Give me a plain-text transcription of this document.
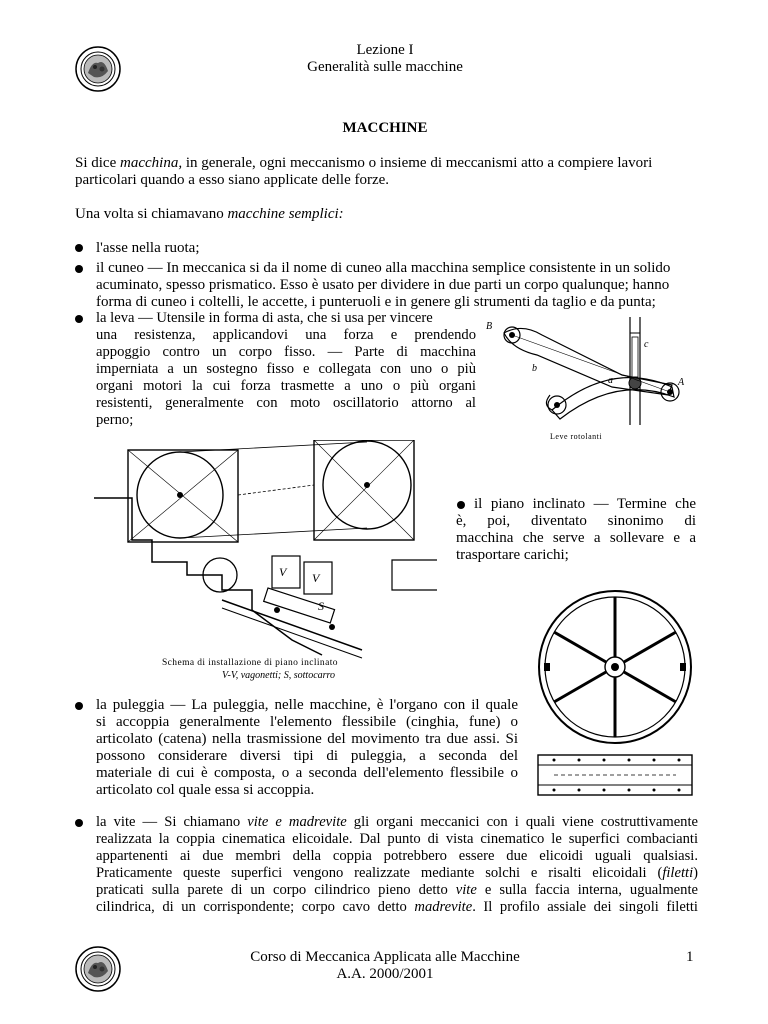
Lezione I
Generalità sulle macchine
MACCHINE
Si dice macchina, in generale, ogni meccanismo o insieme di meccanismi atto a compiere lavori
particolari quando a esso siano applicate delle forze.
Una volta si chiamavano macchine semplici:
l'asse nella ruota;
il cuneo — In meccanica si da il nome di cuneo alla macchina semplice consistente in un solido
acuminato, spesso prismatico. Esso è usato per dividere in due parti un corpo qualunque; hanno
forma di cuneo i coltelli, le accette, i punteruoli e in genere gli strumenti da taglio e da punta;
la leva — Utensile in forma di asta, che si usa per vincere
una resistenza, applicandovi una forza e prendendo
appoggio contro un corpo fisso. — Parte di macchina
imperniata a un sostegno fisso e collegata con uno o più
organi motori la cui forza trasmette a uno o più organi
resistenti, generalmente con moto oscillatorio attorno al
perno;
B
c
b
a	A
Leve rotolanti
V V
S
Schema di installazione di piano inclinato
V-V, vagonetti; S, sottocarro
il piano inclinato — Termine che
è, poi, diventato sinonimo di
macchina che serve a sollevare e a
trasportare carichi;
la puleggia — La puleggia, nelle macchine, è l'organo con il quale
si accoppia generalmente l'elemento flessibile (cinghia, fune) o
articolato (catena) nella trasmissione del movimento tra due assi. Si
possono considerare diversi tipi di puleggia, a seconda del
materiale di cui è composta, o a seconda dell'elemento flessibile o
articolato col quale essa si accoppia.
la vite — Si chiamano vite e madrevite gli organi meccanici con i quali viene costruttivamente
realizzata la coppia cinematica elicoidale. Dal punto di vista cinematico le superfici combacianti
appartenenti ai due membri della coppia potrebbero essere due elicoidi uguali qualsiasi.
Praticamente queste superfici vengono realizzate mediante solchi e risalti elicoidali (filetti)
praticati sulla parete di un corpo cilindrico pieno detto vite e sulla faccia interna, ugualmente
cilindrica, di un corrispondente; corpo cavo detto madrevite. Il profilo assiale dei singoli filetti
Corso di Meccanica Applicata alle Macchine
A.A. 2000/2001
1
